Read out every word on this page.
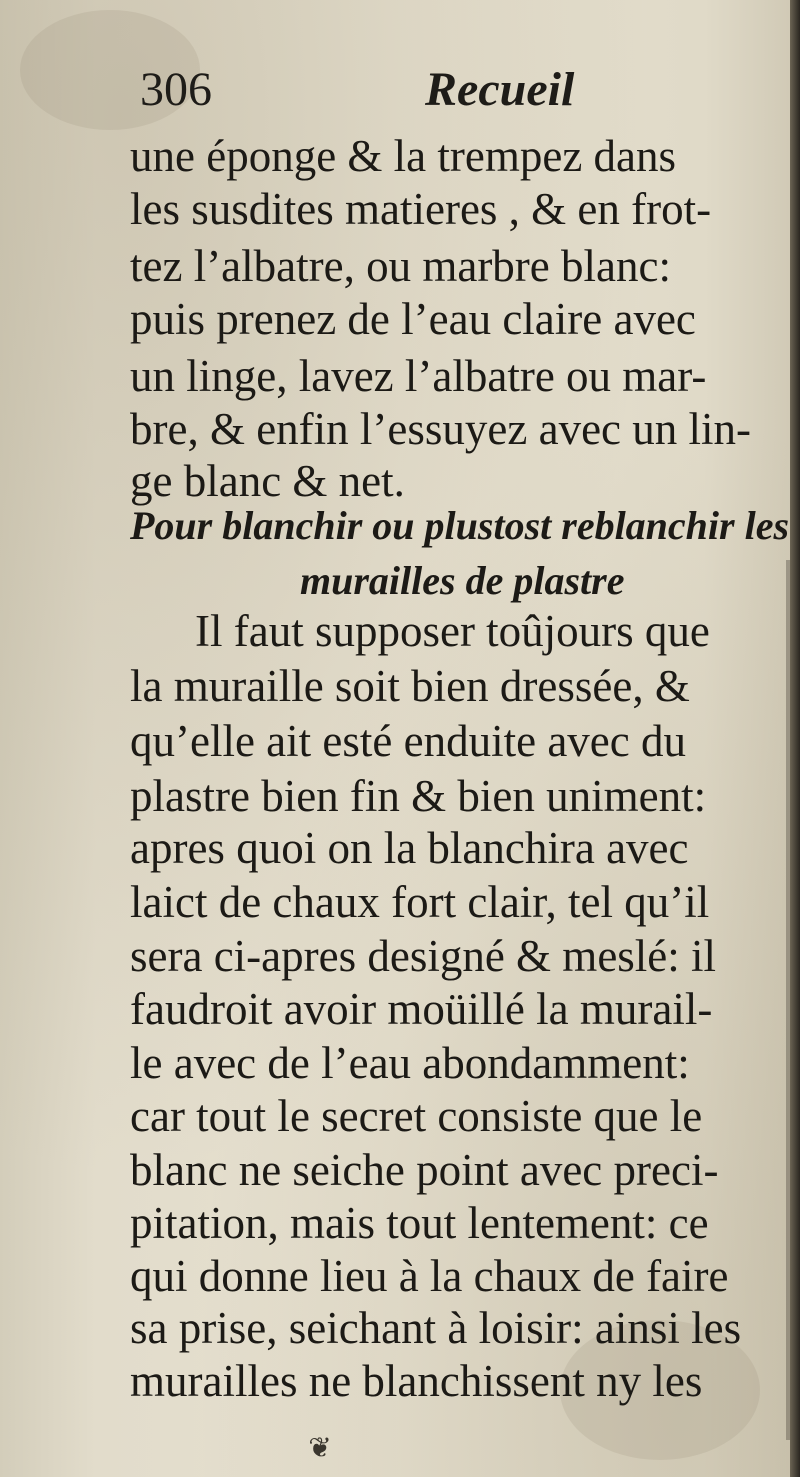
306	Recueil
une éponge & la trempez dans
les susdites matieres , & en frot-
tez l’albatre, ou marbre blanc:
puis prenez de l’eau claire avec
un linge, lavez l’albatre ou mar-
bre, & enfin l’essuyez avec un lin-
ge blanc & net.
Pour blanchir ou plustost reblanchir les
murailles de plastre
Il faut supposer toûjours que
la muraille soit bien dressée, &
qu’elle ait esté enduite avec du
plastre bien fin & bien uniment:
apres quoi on la blanchira avec
laict de chaux fort clair, tel qu’il
sera ci-apres designé & meslé: il
faudroit avoir moüillé la murail-
le avec de l’eau abondamment:
car tout le secret consiste que le
blanc ne seiche point avec preci-
pitation, mais tout lentement: ce
qui donne lieu à la chaux de faire
sa prise, seichant à loisir: ainsi les
murailles ne blanchissent ny les
❦
